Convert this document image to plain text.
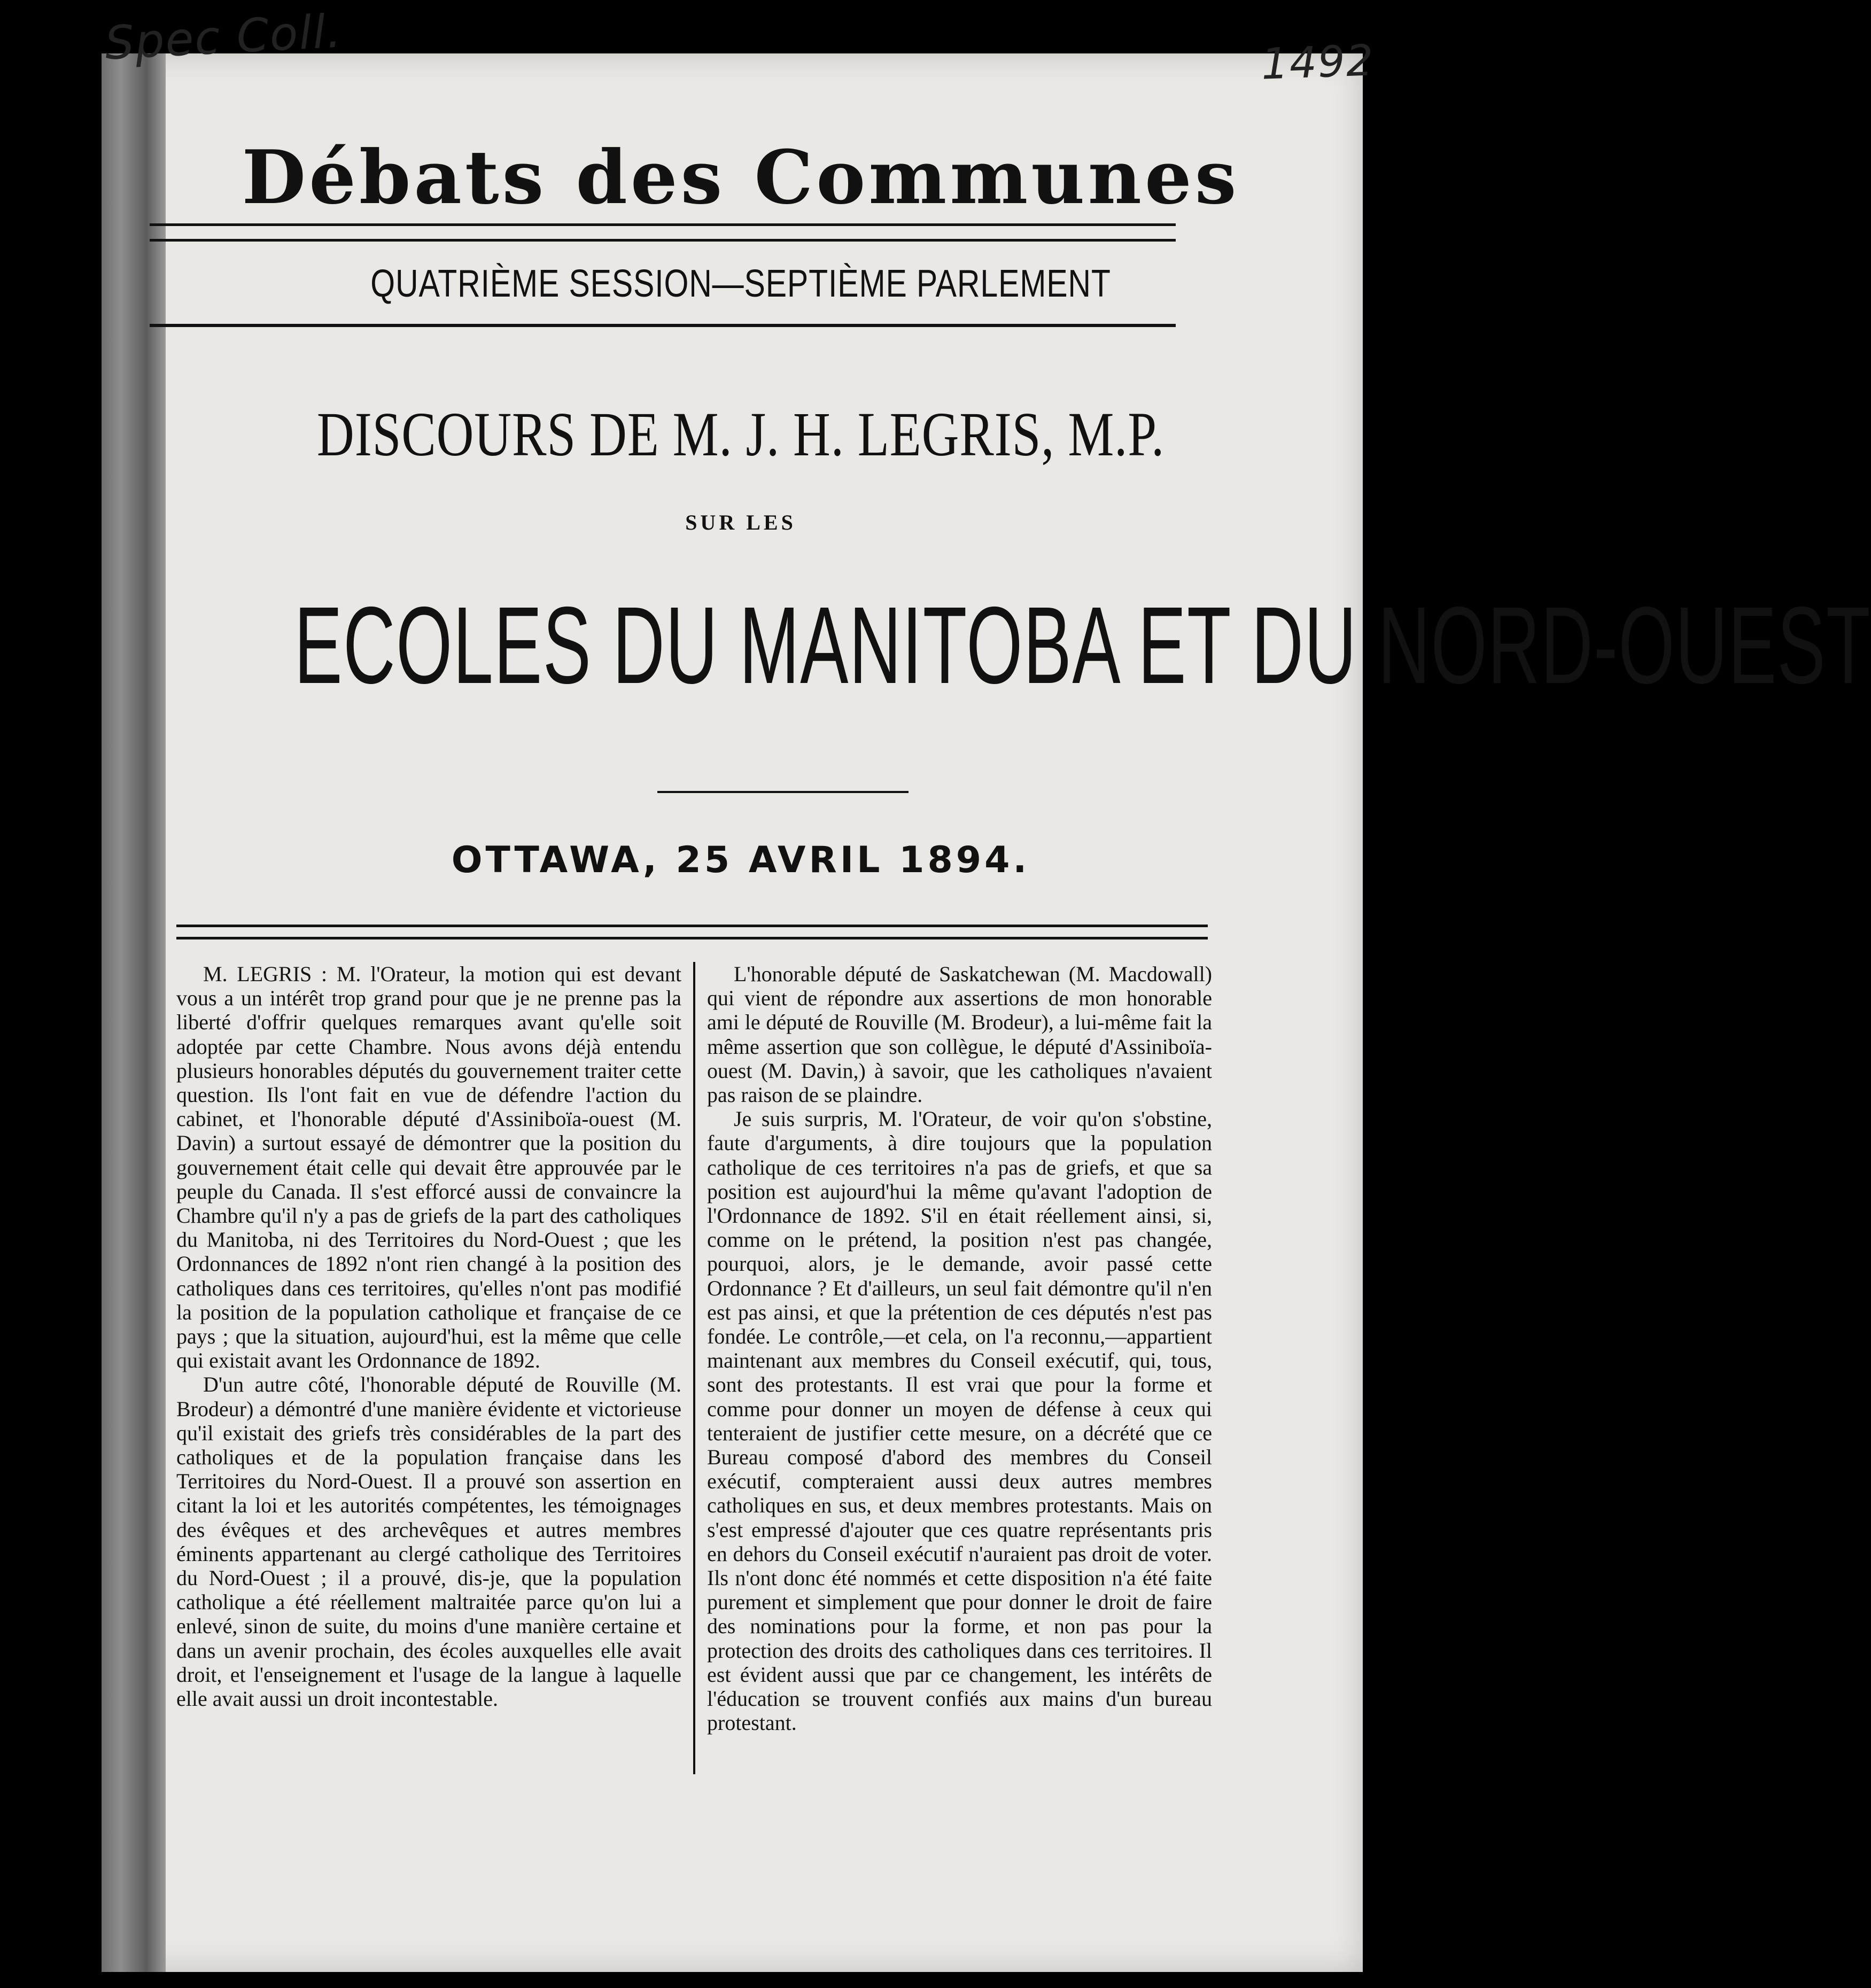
Spec Coll.	1492
Débats des Communes
QUATRIÈME SESSION—SEPTIÈME PARLEMENT
DISCOURS DE M. J. H. LEGRIS, M.P.
SUR LES
ECOLES DU MANITOBA ET DU NORD-OUEST
OTTAWA, 25 AVRIL 1894.

M. LEGRIS : M. l'Orateur, la motion qui est devant vous a un intérêt trop grand pour que je ne prenne pas la liberté d'offrir quelques remarques avant qu'elle soit adoptée par cette Chambre. Nous avons déjà entendu plusieurs honorables députés du gouvernement traiter cette question. Ils l'ont fait en vue de défendre l'action du cabinet, et l'honorable député d'Assiniboïa-ouest (M. Davin) a surtout essayé de démontrer que la position du gouvernement était celle qui devait être approuvée par le peuple du Canada. Il s'est efforcé aussi de convaincre la Chambre qu'il n'y a pas de griefs de la part des catholiques du Manitoba, ni des Territoires du Nord-Ouest ; que les Ordonnances de 1892 n'ont rien changé à la position des catholiques dans ces territoires, qu'elles n'ont pas modifié la position de la population catholique et française de ce pays ; que la situation, aujourd'hui, est la même que celle qui existait avant les Ordonnance de 1892.

D'un autre côté, l'honorable député de Rouville (M. Brodeur) a démontré d'une manière évidente et victorieuse qu'il existait des griefs très considérables de la part des catholiques et de la population française dans les Territoires du Nord-Ouest. Il a prouvé son assertion en citant la loi et les autorités compétentes, les témoignages des évêques et des archevêques et autres membres éminents appartenant au clergé catholique des Territoires du Nord-Ouest ; il a prouvé, dis-je, que la population catholique a été réellement maltraitée parce qu'on lui a enlevé, sinon de suite, du moins d'une manière certaine et dans un avenir prochain, des écoles auxquelles elle avait droit, et l'enseignement et l'usage de la langue à laquelle elle avait aussi un droit incontestable.

L'honorable député de Saskatchewan (M. Macdowall) qui vient de répondre aux assertions de mon honorable ami le député de Rouville (M. Brodeur), a lui-même fait la même assertion que son collègue, le député d'Assiniboïa-ouest (M. Davin,) à savoir, que les catholiques n'avaient pas raison de se plaindre.

Je suis surpris, M. l'Orateur, de voir qu'on s'obstine, faute d'arguments, à dire toujours que la population catholique de ces territoires n'a pas de griefs, et que sa position est aujourd'hui la même qu'avant l'adoption de l'Ordonnance de 1892. S'il en était réellement ainsi, si, comme on le prétend, la position n'est pas changée, pourquoi, alors, je le demande, avoir passé cette Ordonnance ? Et d'ailleurs, un seul fait démontre qu'il n'en est pas ainsi, et que la prétention de ces députés n'est pas fondée. Le contrôle,—et cela, on l'a reconnu,—appartient maintenant aux membres du Conseil exécutif, qui, tous, sont des protestants. Il est vrai que pour la forme et comme pour donner un moyen de défense à ceux qui tenteraient de justifier cette mesure, on a décrété que ce Bureau composé d'abord des membres du Conseil exécutif, compteraient aussi deux autres membres catholiques en sus, et deux membres protestants. Mais on s'est empressé d'ajouter que ces quatre représentants pris en dehors du Conseil exécutif n'auraient pas droit de voter. Ils n'ont donc été nommés et cette disposition n'a été faite purement et simplement que pour donner le droit de faire des nominations pour la forme, et non pas pour la protection des droits des catholiques dans ces territoires. Il est évident aussi que par ce changement, les intérêts de l'éducation se trouvent confiés aux mains d'un bureau protestant.
